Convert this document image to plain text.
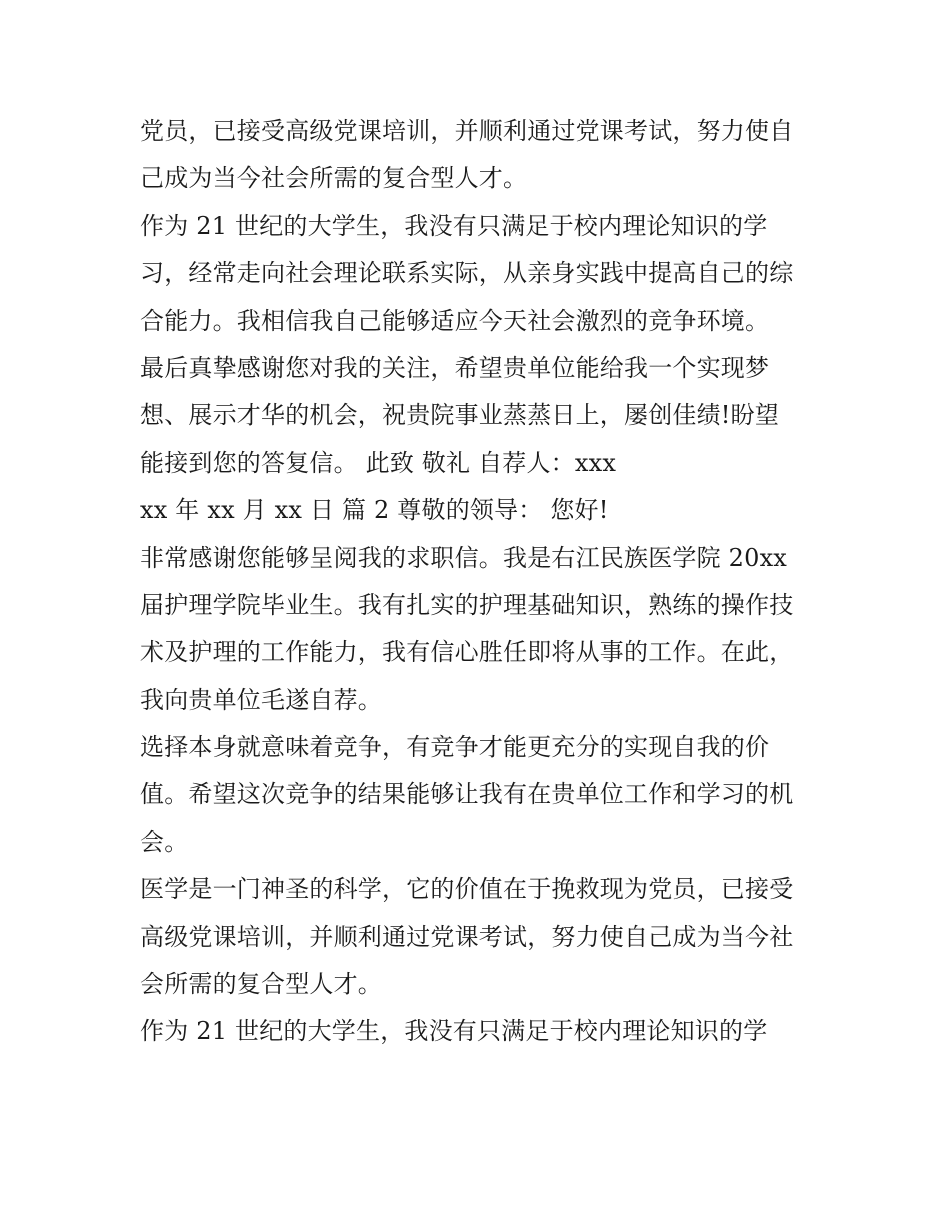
党员，已接受高级党课培训，并顺利通过党课考试，努力使自
己成为当今社会所需的复合型人才。
作为 21 世纪的大学生，我没有只满足于校内理论知识的学
习，经常走向社会理论联系实际，从亲身实践中提高自己的综
合能力。我相信我自己能够适应今天社会激烈的竞争环境。
最后真挚感谢您对我的关注，希望贵单位能给我一个实现梦
想、展示才华的机会，祝贵院事业蒸蒸日上，屡创佳绩!盼望
能接到您的答复信。 此致 敬礼 自荐人：xxx
xx 年 xx 月 xx 日 篇 2 尊敬的领导： 您好!
非常感谢您能够呈阅我的求职信。我是右江民族医学院 20xx
届护理学院毕业生。我有扎实的护理基础知识，熟练的操作技
术及护理的工作能力，我有信心胜任即将从事的工作。在此，
我向贵单位毛遂自荐。
选择本身就意味着竞争，有竞争才能更充分的实现自我的价
值。希望这次竞争的结果能够让我有在贵单位工作和学习的机
会。
医学是一门神圣的科学，它的价值在于挽救现为党员，已接受
高级党课培训，并顺利通过党课考试，努力使自己成为当今社
会所需的复合型人才。
作为 21 世纪的大学生，我没有只满足于校内理论知识的学
